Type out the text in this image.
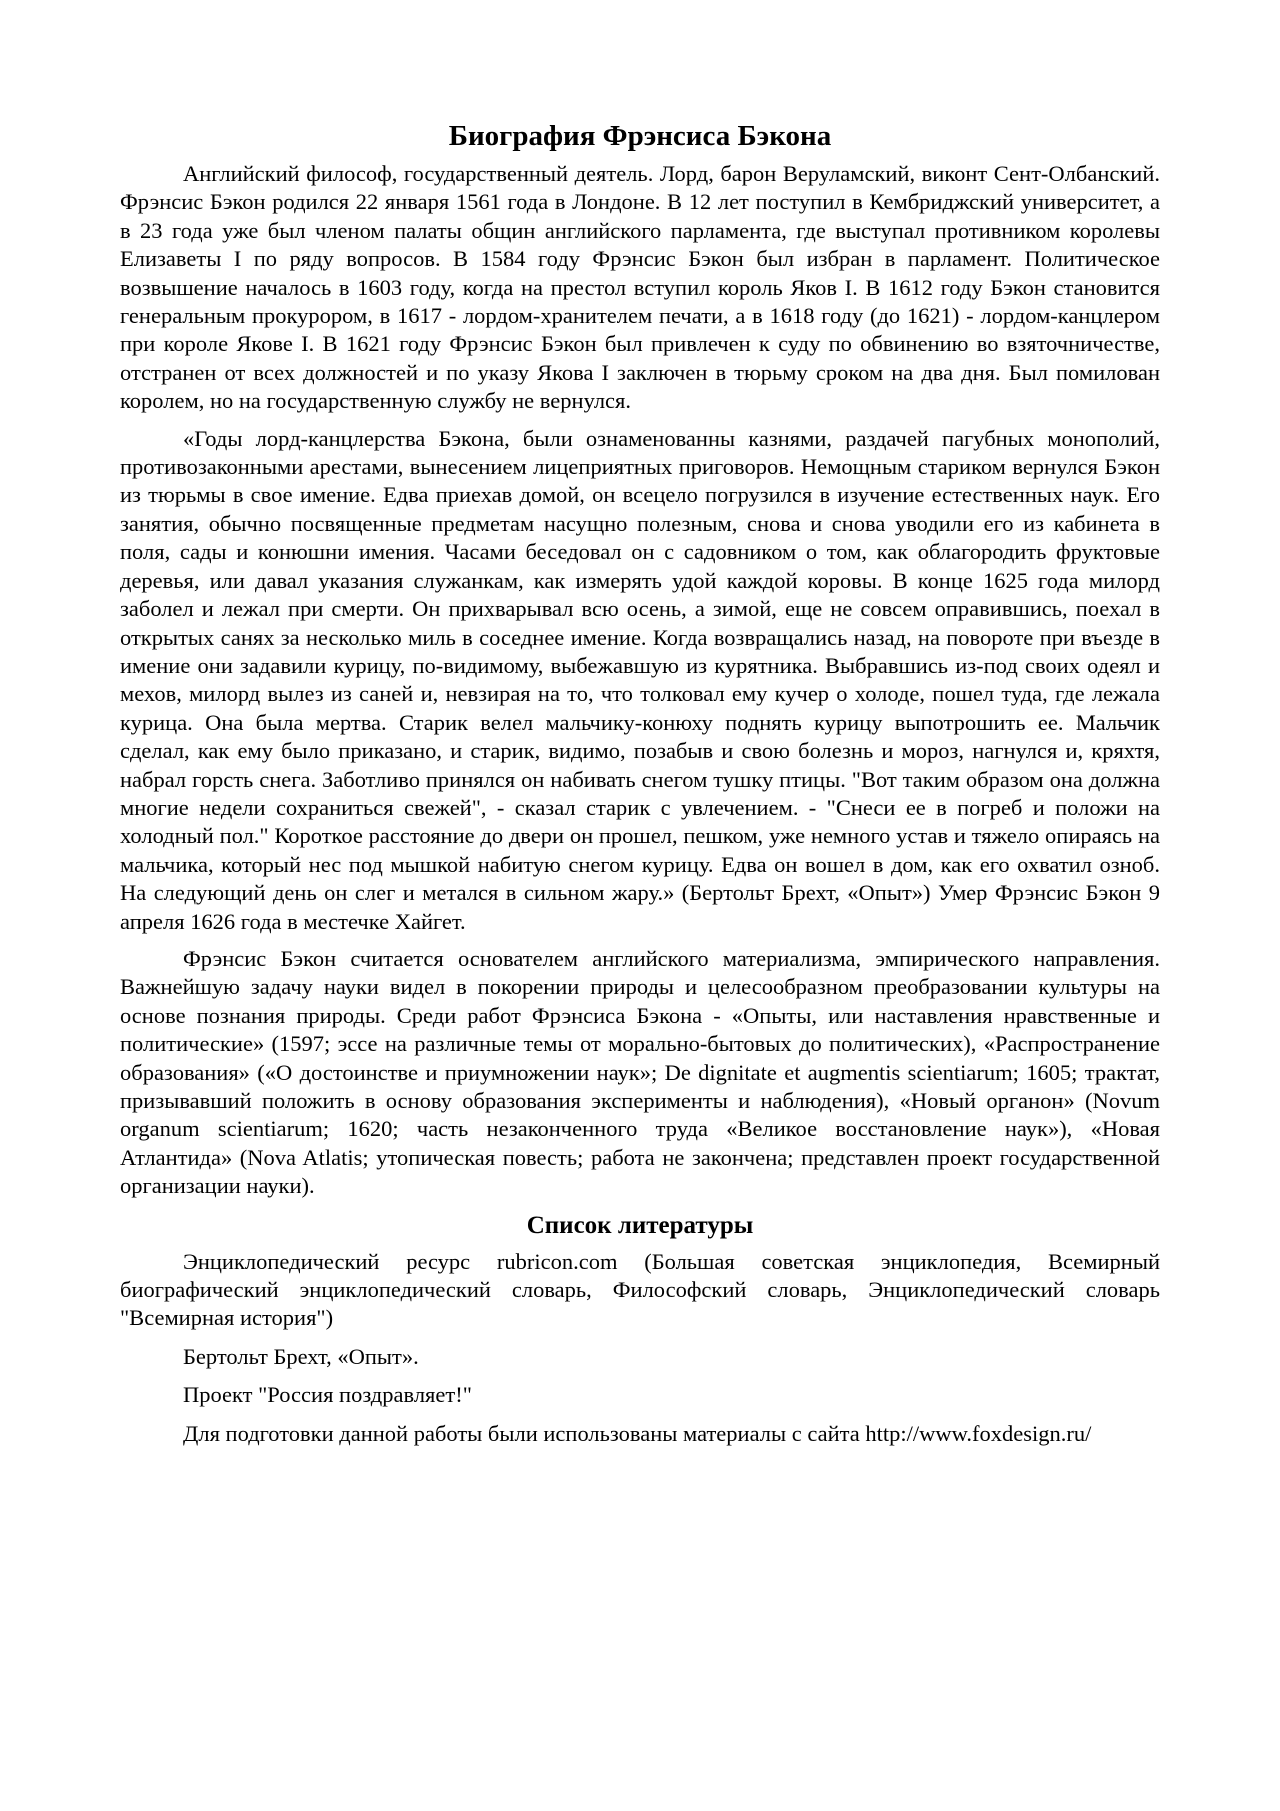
Биография Фрэнсиса Бэкона

Английский философ, государственный деятель. Лорд, барон Веруламский, виконт Сент-Олбанский. Фрэнсис Бэкон родился 22 января 1561 года в Лондоне. В 12 лет поступил в Кембриджский университет, а в 23 года уже был членом палаты общин английского парламента, где выступал противником королевы Елизаветы I по ряду вопросов. В 1584 году Фрэнсис Бэкон был избран в парламент. Политическое возвышение началось в 1603 году, когда на престол вступил король Яков I. В 1612 году Бэкон становится генеральным прокурором, в 1617 - лордом-хранителем печати, а в 1618 году (до 1621) - лордом-канцлером при короле Якове I. В 1621 году Фрэнсис Бэкон был привлечен к суду по обвинению во взяточничестве, отстранен от всех должностей и по указу Якова I заключен в тюрьму сроком на два дня. Был помилован королем, но на государственную службу не вернулся.

«Годы лорд-канцлерства Бэкона, были ознаменованны казнями, раздачей пагубных монополий, противозаконными арестами, вынесением лицеприятных приговоров. Немощным стариком вернулся Бэкон из тюрьмы в свое имение. Едва приехав домой, он всецело погрузился в изучение естественных наук. Его занятия, обычно посвященные предметам насущно полезным, снова и снова уводили его из кабинета в поля, сады и конюшни имения. Часами беседовал он с садовником о том, как облагородить фруктовые деревья, или давал указания служанкам, как измерять удой каждой коровы. В конце 1625 года милорд заболел и лежал при смерти. Он прихварывал всю осень, а зимой, еще не совсем оправившись, поехал в открытых санях за несколько миль в соседнее имение. Когда возвращались назад, на повороте при въезде в имение они задавили курицу, по-видимому, выбежавшую из курятника. Выбравшись из-под своих одеял и мехов, милорд вылез из саней и, невзирая на то, что толковал ему кучер о холоде, пошел туда, где лежала курица. Она была мертва. Старик велел мальчику-конюху поднять курицу выпотрошить ее. Мальчик сделал, как ему было приказано, и старик, видимо, позабыв и свою болезнь и мороз, нагнулся и, кряхтя, набрал горсть снега. Заботливо принялся он набивать снегом тушку птицы. "Вот таким образом она должна многие недели сохраниться свежей", - сказал старик с увлечением. - "Снеси ее в погреб и положи на холодный пол." Короткое расстояние до двери он прошел, пешком, уже немного устав и тяжело опираясь на мальчика, который нес под мышкой набитую снегом курицу. Едва он вошел в дом, как его охватил озноб. На следующий день он слег и метался в сильном жару.» (Бертольт Брехт, «Опыт») Умер Фрэнсис Бэкон 9 апреля 1626 года в местечке Хайгет.

Фрэнсис Бэкон считается основателем английского материализма, эмпирического направления. Важнейшую задачу науки видел в покорении природы и целесообразном преобразовании культуры на основе познания природы. Среди работ Фрэнсиса Бэкона - «Опыты, или наставления нравственные и политические» (1597; эссе на различные темы от морально-бытовых до политических), «Распространение образования» («О достоинстве и приумножении наук»; De dignitate et augmentis scientiarum; 1605; трактат, призывавший положить в основу образования эксперименты и наблюдения), «Новый органон» (Novum organum scientiarum; 1620; часть незаконченного труда «Великое восстановление наук»), «Новая Атлантида» (Nova Atlatis; утопическая повесть; работа не закончена; представлен проект государственной организации науки).

Список литературы

Энциклопедический ресурс rubricon.com (Большая советская энциклопедия, Всемирный биографический энциклопедический словарь, Философский словарь, Энциклопедический словарь "Всемирная история")

Бертольт Брехт, «Опыт».

Проект "Россия поздравляет!"

Для подготовки данной работы были использованы материалы с сайта http://www.foxdesign.ru/
